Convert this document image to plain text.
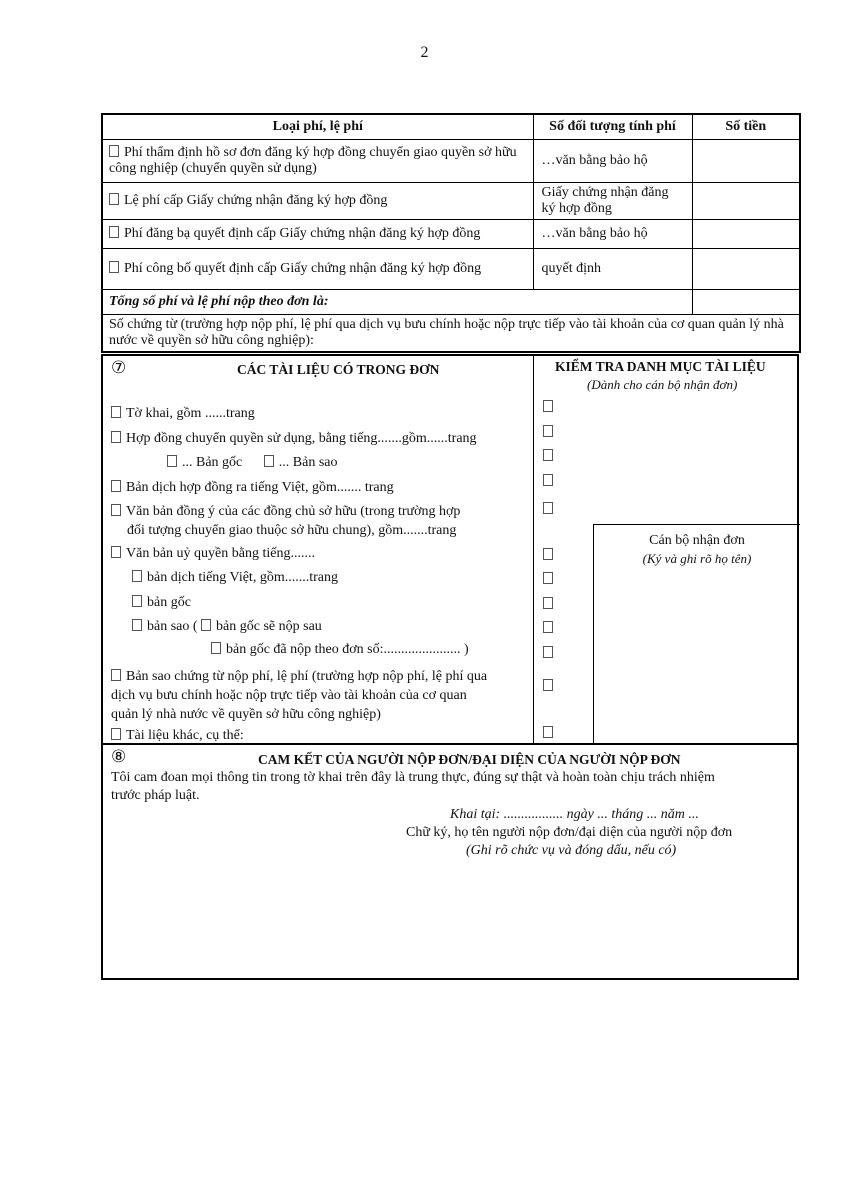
2
Loại phí, lệ phí	Số đối tượng tính phí	Số tiền
Phí thẩm định hồ sơ đơn đăng ký hợp đồng chuyển giao quyền sở hữu công nghiệp (chuyển quyền sử dụng)	…văn bằng bảo hộ	
Lệ phí cấp Giấy chứng nhận đăng ký hợp đồng	Giấy chứng nhận đăng ký hợp đồng	
Phí đăng bạ quyết định cấp Giấy chứng nhận đăng ký hợp đồng	…văn bằng bảo hộ	
Phí công bố quyết định cấp Giấy chứng nhận đăng ký hợp đồng	quyết định	
Tổng số phí và lệ phí nộp theo đơn là:		
Số chứng từ (trường hợp nộp phí, lệ phí qua dịch vụ bưu chính hoặc nộp trực tiếp vào tài khoản của cơ quan quản lý nhà nước về quyền sở hữu công nghiệp):		
⑦	CÁC TÀI LIỆU CÓ TRONG ĐƠN	KIỂM TRA DANH MỤC TÀI LIỆU
(Dành cho cán bộ nhận đơn)
Tờ khai, gồm ......trang
Hợp đồng chuyển quyền sử dụng, bằng tiếng.......gồm......trang
... Bản gốc	... Bản sao
Bản dịch hợp đồng ra tiếng Việt, gồm....... trang
Văn bản đồng ý của các đồng chủ sở hữu (trong trường hợp
đối tượng chuyển giao thuộc sở hữu chung), gồm.......trang
Văn bản uỷ quyền bằng tiếng.......
bản dịch tiếng Việt, gồm.......trang
bản gốc
bản sao ( bản gốc sẽ nộp sau
bản gốc đã nộp theo đơn số:...................... )
Bản sao chứng từ nộp phí, lệ phí (trường hợp nộp phí, lệ phí qua
dịch vụ bưu chính hoặc nộp trực tiếp vào tài khoản của cơ quan
quản lý nhà nước về quyền sở hữu công nghiệp)
Tài liệu khác, cụ thể:
Cán bộ nhận đơn
(Ký và ghi rõ họ tên)
⑧	CAM KẾT CỦA NGƯỜI NỘP ĐƠN/ĐẠI DIỆN CỦA NGƯỜI NỘP ĐƠN
Tôi cam đoan mọi thông tin trong tờ khai trên đây là trung thực, đúng sự thật và hoàn toàn chịu trách nhiệm
trước pháp luật.
Khai tại: ................. ngày ... tháng ... năm ...
Chữ ký, họ tên người nộp đơn/đại diện của người nộp đơn
(Ghi rõ chức vụ và đóng dấu, nếu có)
